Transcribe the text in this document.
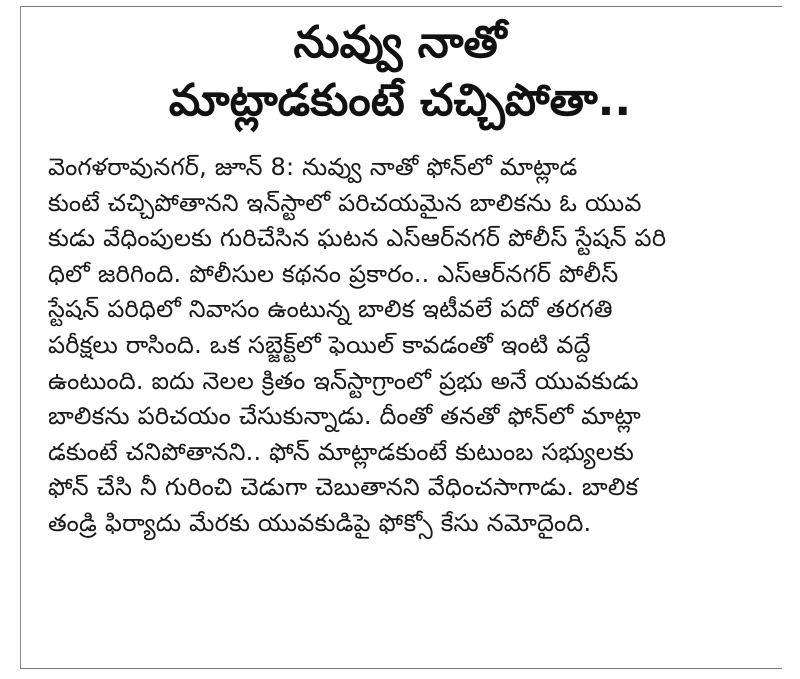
నువ్వు నాతో
మాట్లాడకుంటే చచ్చిపోతా..
వెంగళరావునగర్, జూన్ 8: నువ్వు నాతో ఫోన్‌లో మాట్లాడ
కుంటే చచ్చిపోతానని ఇన్‌స్టాలో పరిచయమైన బాలికను ఓ యువ
కుడు వేధింపులకు గురిచేసిన ఘటన ఎస్‌ఆర్‌నగర్ పోలీస్ స్టేషన్ పరి
ధిలో జరిగింది. పోలీసుల కథనం ప్రకారం.. ఎస్‌ఆర్‌నగర్ పోలీస్
స్టేషన్ పరిధిలో నివాసం ఉంటున్న బాలిక ఇటీవలే పదో తరగతి
పరీక్షలు రాసింది. ఒక సబ్జెక్ట్‌లో ఫెయిల్ కావడంతో ఇంటి వద్దే
ఉంటుంది. ఐదు నెలల క్రితం ఇన్‌స్టాగ్రాంలో ప్రభు అనే యువకుడు
బాలికను పరిచయం చేసుకున్నాడు. దీంతో తనతో ఫోన్‌లో మాట్లా
డకుంటే చనిపోతానని.. ఫోన్ మాట్లాడకుంటే కుటుంబ సభ్యులకు
ఫోన్ చేసి నీ గురించి చెడుగా చెబుతానని వేధించసాగాడు. బాలిక
తండ్రి ఫిర్యాదు మేరకు యువకుడిపై ఫోక్సో కేసు నమోదైంది.
